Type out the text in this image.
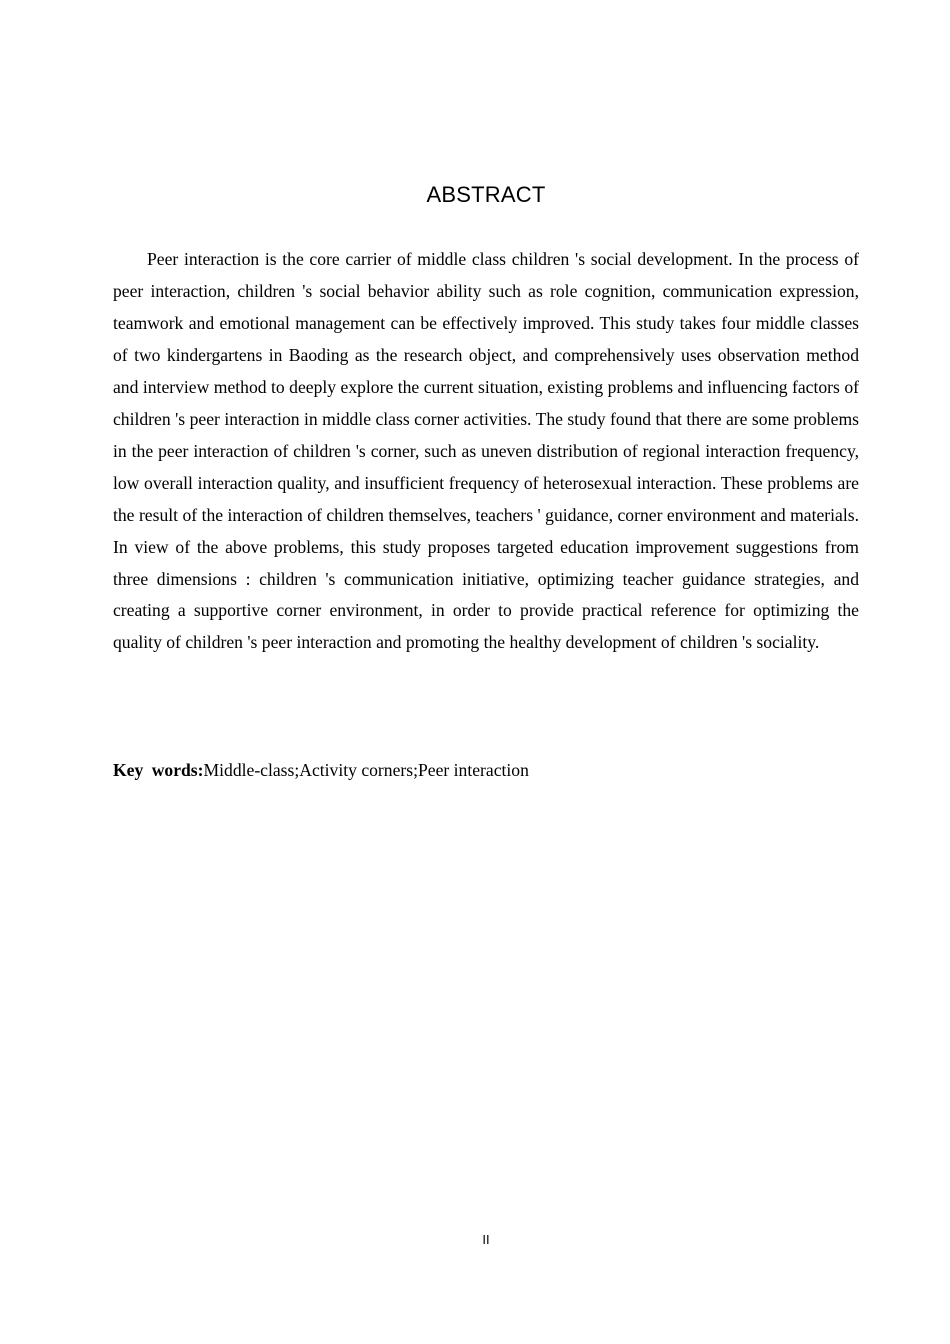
ABSTRACT

Peer interaction is the core carrier of middle class children 's social development. In the process of peer interaction, children 's social behavior ability such as role cognition, communication expression, teamwork and emotional management can be effectively improved. This study takes four middle classes of two kindergartens in Baoding as the research object, and comprehensively uses observation method and interview method to deeply explore the current situation, existing problems and influencing factors of children 's peer interaction in middle class corner activities. The study found that there are some problems in the peer interaction of children 's corner, such as uneven distribution of regional interaction frequency, low overall interaction quality, and insufficient frequency of heterosexual interaction. These problems are the result of the interaction of children themselves, teachers ' guidance, corner environment and materials. In view of the above problems, this study proposes targeted education improvement suggestions from three dimensions : children 's communication initiative, optimizing teacher guidance strategies, and creating a supportive corner environment, in order to provide practical reference for optimizing the quality of children 's peer interaction and promoting the healthy development of children 's sociality.

Key words:Middle-class;Activity corners;Peer interaction

II
